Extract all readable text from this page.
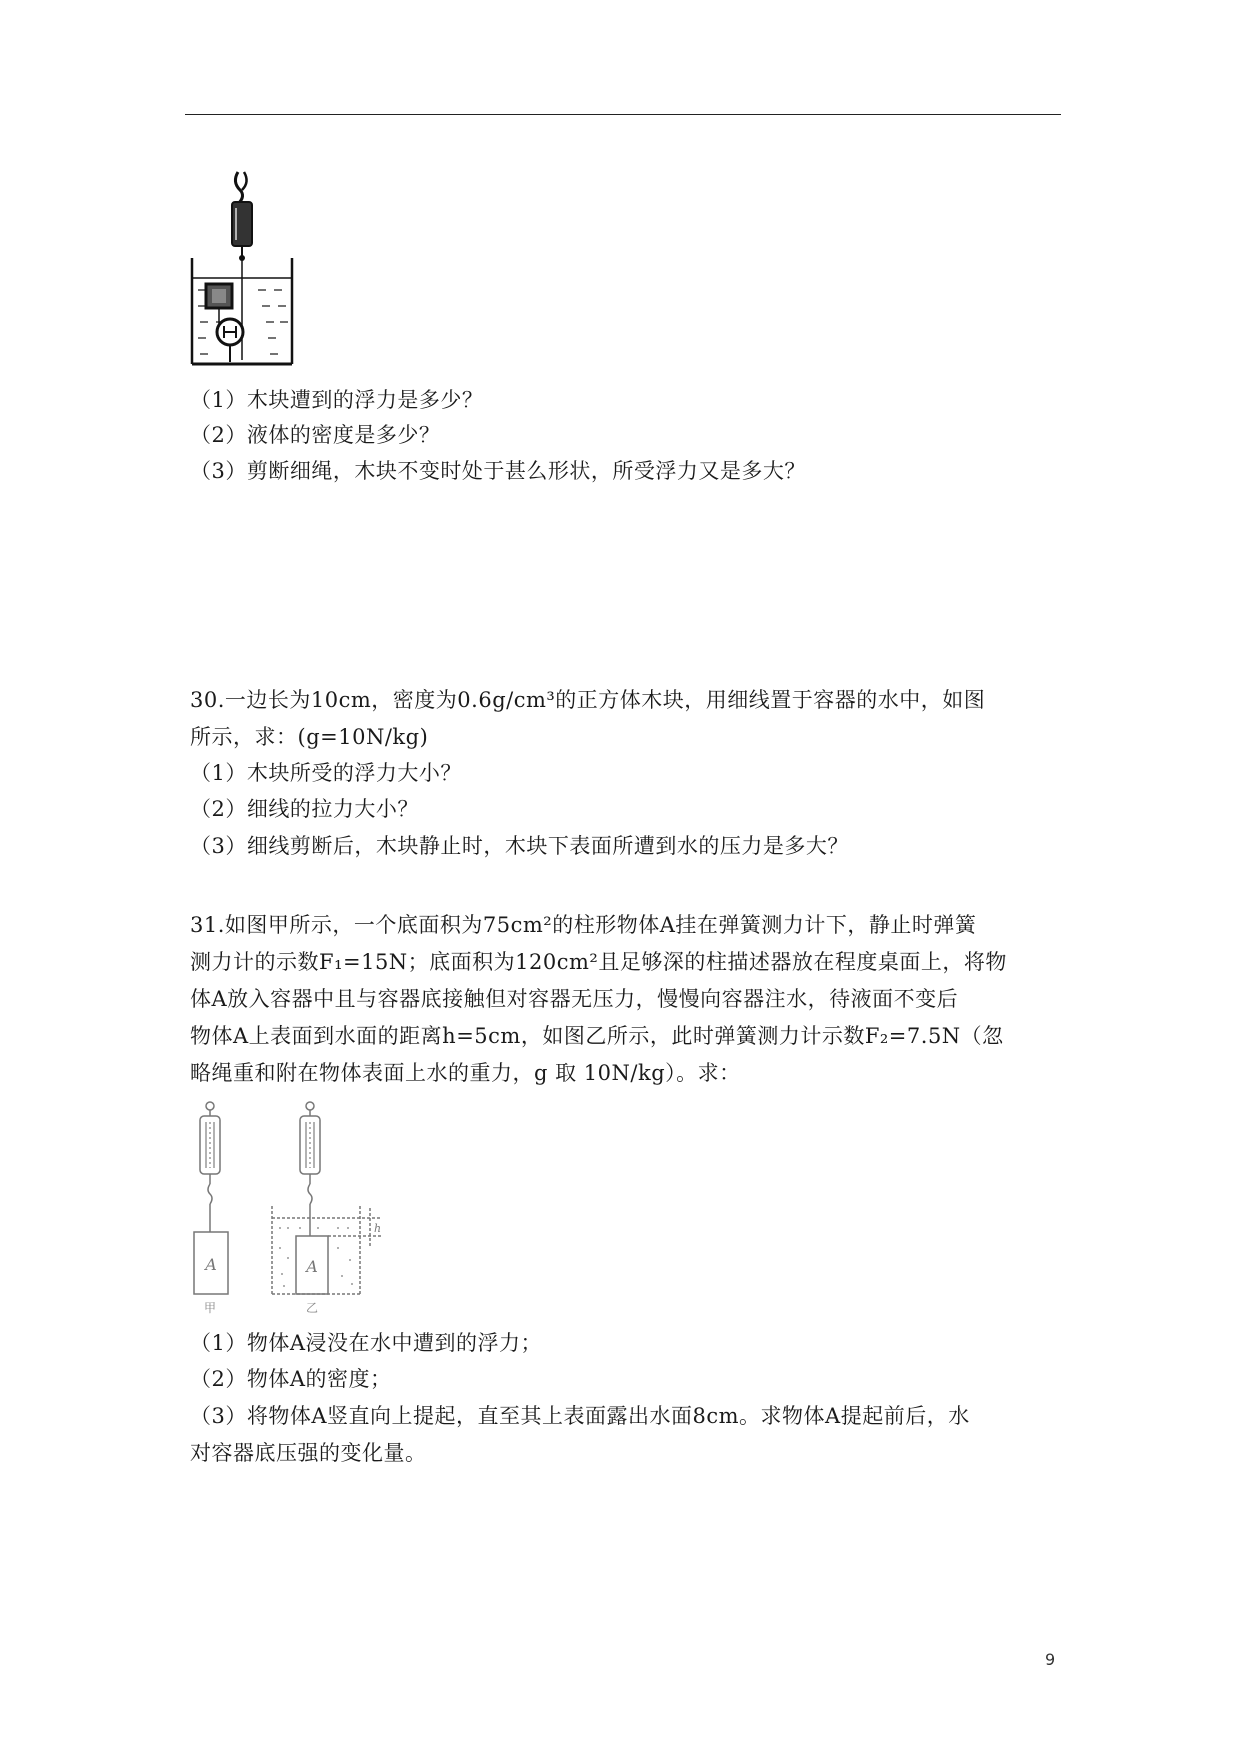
（1）木块遭到的浮力是多少？
（2）液体的密度是多少？
（3）剪断细绳，木块不变时处于甚么形状，所受浮力又是多大？
30.一边长为10cm，密度为0.6g/cm³的正方体木块，用细线置于容器的水中，如图
所示，求：(g=10N/kg)
（1）木块所受的浮力大小？
（2）细线的拉力大小？
（3）细线剪断后，木块静止时，木块下表面所遭到水的压力是多大？
31.如图甲所示，一个底面积为75cm²的柱形物体A挂在弹簧测力计下，静止时弹簧
测力计的示数F₁=15N；底面积为120cm²且足够深的柱描述器放在程度桌面上，将物
体A放入容器中且与容器底接触但对容器无压力，慢慢向容器注水，待液面不变后
物体A上表面到水面的距离h=5cm，如图乙所示，此时弹簧测力计示数F₂=7.5N（忽
略绳重和附在物体表面上水的重力，g 取 10N/kg）。求：
A	A
h
甲	乙
（1）物体A浸没在水中遭到的浮力；
（2）物体A的密度；
（3）将物体A竖直向上提起，直至其上表面露出水面8cm。求物体A提起前后，水
对容器底压强的变化量。
9
